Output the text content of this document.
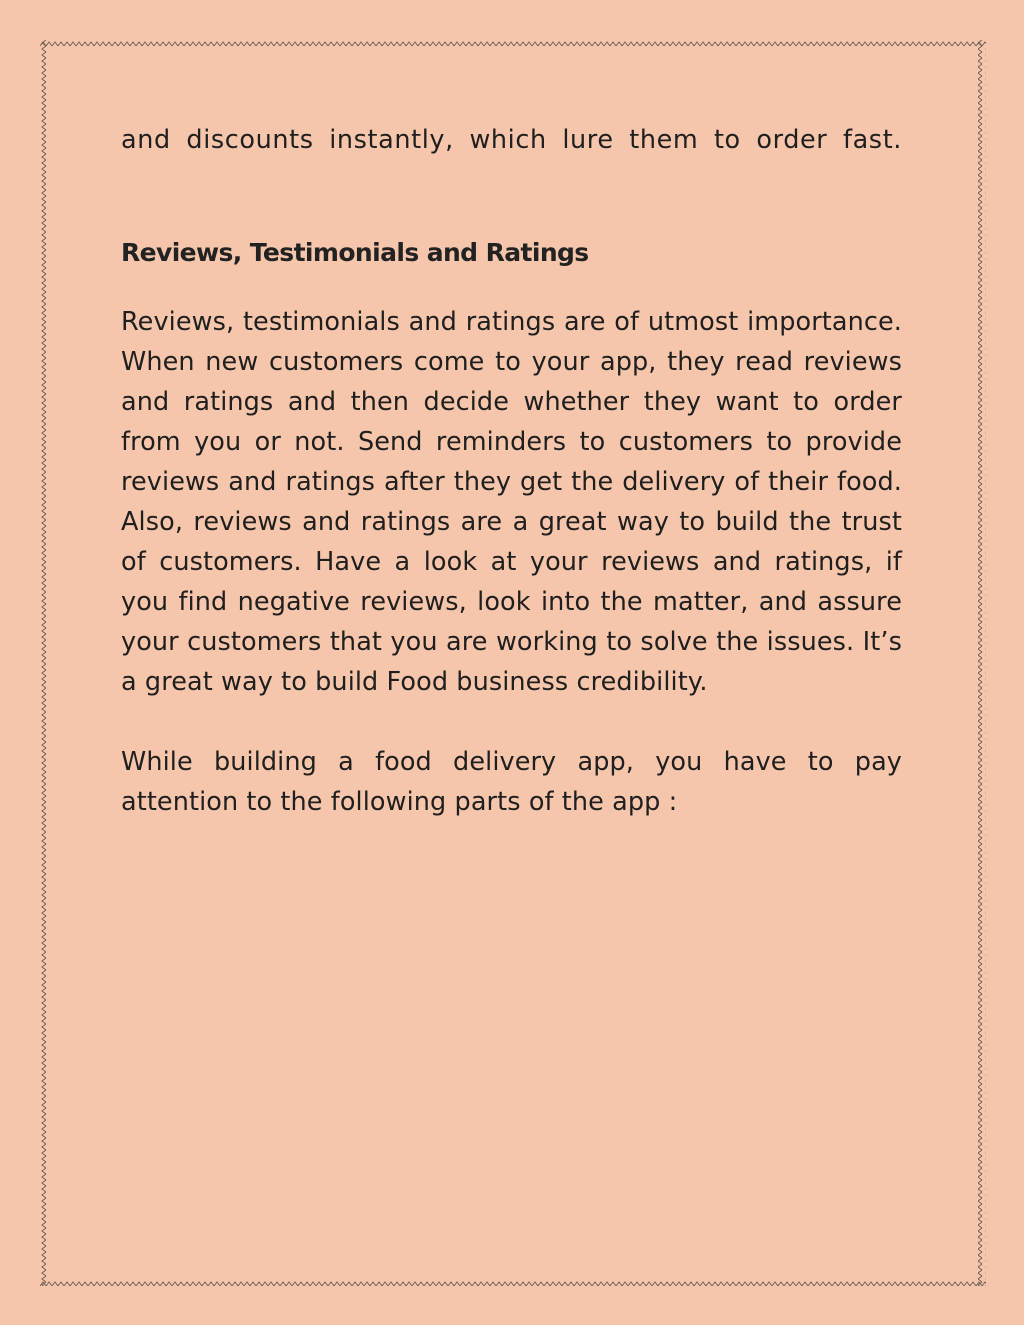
and discounts instantly, which lure them to order fast.

Reviews, Testimonials and Ratings

Reviews, testimonials and ratings are of utmost importance. When new customers come to your app, they read reviews and ratings and then decide whether they want to order from you or not. Send reminders to customers to provide reviews and ratings after they get the delivery of their food. Also, reviews and ratings are a great way to build the trust of customers. Have a look at your reviews and ratings, if you find negative reviews, look into the matter, and assure your customers that you are working to solve the issues. It’s a great way to build Food business credibility.

While building a food delivery app, you have to pay attention to the following parts of the app :
